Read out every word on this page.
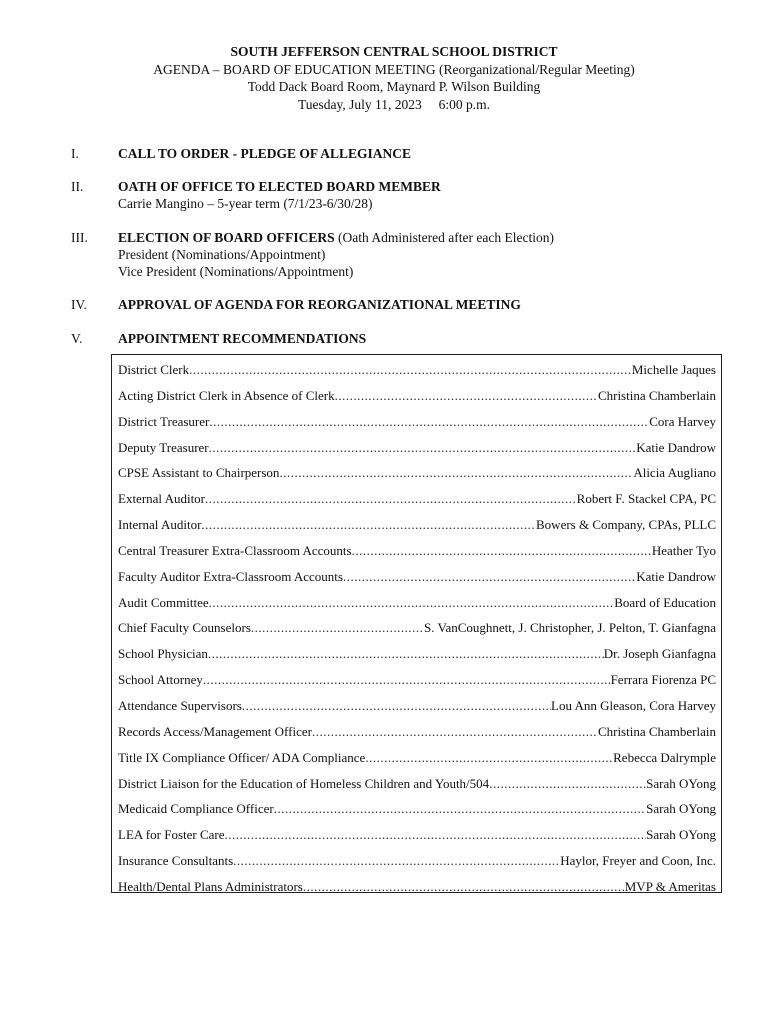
SOUTH JEFFERSON CENTRAL SCHOOL DISTRICT
AGENDA – BOARD OF EDUCATION MEETING (Reorganizational/Regular Meeting)
Todd Dack Board Room, Maynard P. Wilson Building
Tuesday, July 11, 2023     6:00 p.m.
I.	CALL TO ORDER - PLEDGE OF ALLEGIANCE
II.	OATH OF OFFICE TO ELECTED BOARD MEMBER
Carrie Mangino – 5-year term (7/1/23-6/30/28)
III. ELECTION OF BOARD OFFICERS (Oath Administered after each Election)
President (Nominations/Appointment)
Vice President (Nominations/Appointment)
IV. APPROVAL OF AGENDA FOR REORGANIZATIONAL MEETING
V.	APPOINTMENT RECOMMENDATIONS
District Clerk .....	Michelle Jaques
Acting District Clerk in Absence of Clerk .....	Christina Chamberlain
District Treasurer .....	Cora Harvey
Deputy Treasurer .....	Katie Dandrow
CPSE Assistant to Chairperson .....	Alicia Augliano
External Auditor .....	Robert F. Stackel CPA, PC
Internal Auditor .....	Bowers & Company, CPAs, PLLC
Central Treasurer Extra-Classroom Accounts .....	Heather Tyo
Faculty Auditor Extra-Classroom Accounts .....	Katie Dandrow
Audit Committee .....	Board of Education
Chief Faculty Counselors .....	S. VanCoughnett, J. Christopher, J. Pelton, T. Gianfagna
School Physician .....	Dr. Joseph Gianfagna
School Attorney .....	Ferrara Fiorenza PC
Attendance Supervisors .....	Lou Ann Gleason, Cora Harvey
Records Access/Management Officer .....	Christina Chamberlain
Title IX Compliance Officer/ ADA Compliance .....	Rebecca Dalrymple
District Liaison for the Education of Homeless Children and Youth/504 .....	Sarah OYong
Medicaid Compliance Officer .....	Sarah OYong
LEA for Foster Care .....	Sarah OYong
Insurance Consultants .....	Haylor, Freyer and Coon, Inc.
Health/Dental Plans Administrators .....	MVP & Ameritas
